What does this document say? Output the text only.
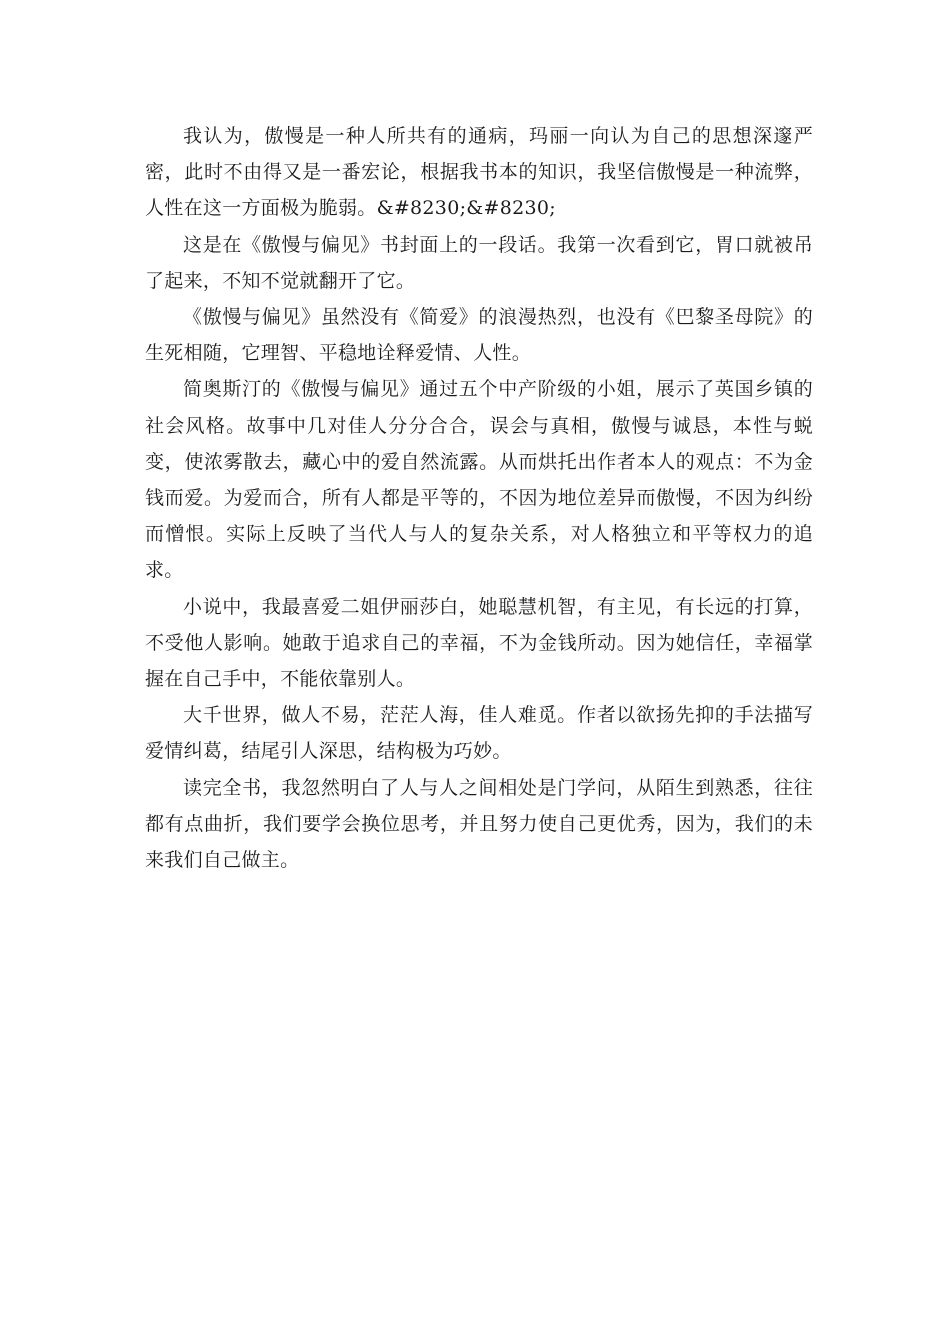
我认为，傲慢是一种人所共有的通病，玛丽一向认为自己的思想深邃严密，此时不由得又是一番宏论，根据我书本的知识，我坚信傲慢是一种流弊，人性在这一方面极为脆弱。&#8230;&#8230;

这是在《傲慢与偏见》书封面上的一段话。我第一次看到它，胃口就被吊了起来，不知不觉就翻开了它。

《傲慢与偏见》虽然没有《简爱》的浪漫热烈，也没有《巴黎圣母院》的生死相随，它理智、平稳地诠释爱情、人性。

简奥斯汀的《傲慢与偏见》通过五个中产阶级的小姐，展示了英国乡镇的社会风格。故事中几对佳人分分合合，误会与真相，傲慢与诚恳，本性与蜕变，使浓雾散去，藏心中的爱自然流露。从而烘托出作者本人的观点：不为金钱而爱。为爱而合，所有人都是平等的，不因为地位差异而傲慢，不因为纠纷而憎恨。实际上反映了当代人与人的复杂关系，对人格独立和平等权力的追求。

小说中，我最喜爱二姐伊丽莎白，她聪慧机智，有主见，有长远的打算，不受他人影响。她敢于追求自己的幸福，不为金钱所动。因为她信任，幸福掌握在自己手中，不能依靠别人。

大千世界，做人不易，茫茫人海，佳人难觅。作者以欲扬先抑的手法描写爱情纠葛，结尾引人深思，结构极为巧妙。

读完全书，我忽然明白了人与人之间相处是门学问，从陌生到熟悉，往往都有点曲折，我们要学会换位思考，并且努力使自己更优秀，因为，我们的未来我们自己做主。
